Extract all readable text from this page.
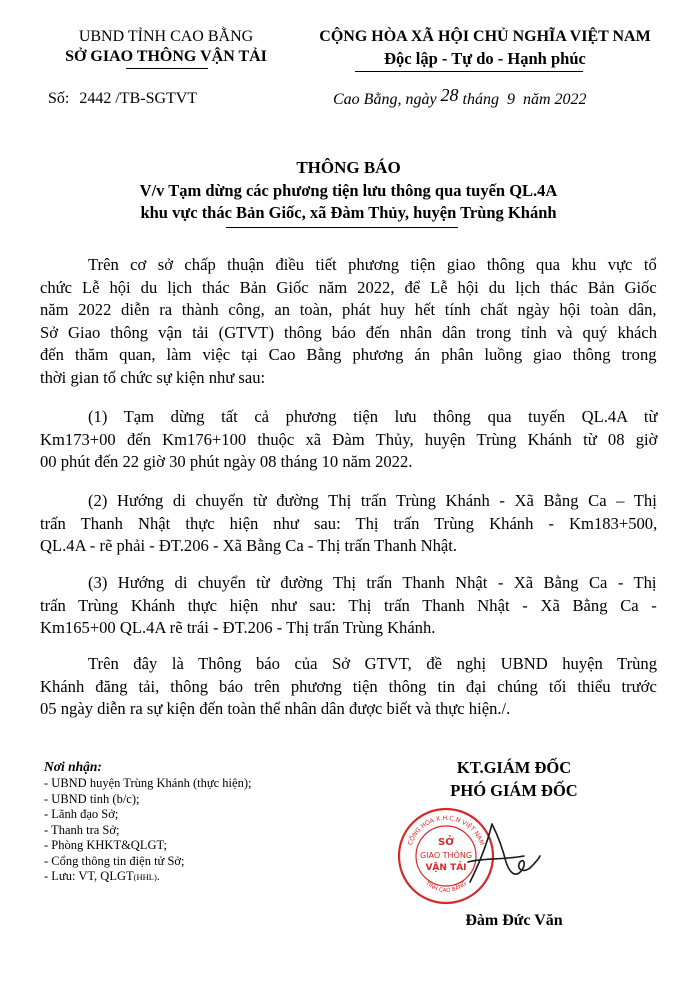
UBND TỈNH CAO BẰNG
SỞ GIAO THÔNG VẬN TẢI
CỘNG HÒA XÃ HỘI CHỦ NGHĨA VIỆT NAM
Độc lập - Tự do - Hạnh phúc
Số: 2442 /TB-SGTVT	Cao Bằng, ngày 28 tháng 9 năm 2022
THÔNG BÁO
V/v Tạm dừng các phương tiện lưu thông qua tuyến QL.4A
khu vực thác Bản Giốc, xã Đàm Thủy, huyện Trùng Khánh
Trên cơ sở chấp thuận điều tiết phương tiện giao thông qua khu vực tổ
chức Lễ hội du lịch thác Bản Giốc năm 2022, để Lễ hội du lịch thác Bản Giốc
năm 2022 diễn ra thành công, an toàn, phát huy hết tính chất ngày hội toàn dân,
Sở Giao thông vận tải (GTVT) thông báo đến nhân dân trong tỉnh và quý khách
đến thăm quan, làm việc tại Cao Bằng phương án phân luồng giao thông trong
thời gian tổ chức sự kiện như sau:
(1) Tạm dừng tất cả phương tiện lưu thông qua tuyến QL.4A từ
Km173+00 đến Km176+100 thuộc xã Đàm Thủy, huyện Trùng Khánh từ 08 giờ
00 phút đến 22 giờ 30 phút ngày 08 tháng 10 năm 2022.
(2) Hướng di chuyển từ đường Thị trấn Trùng Khánh - Xã Bằng Ca – Thị
trấn Thanh Nhật thực hiện như sau: Thị trấn Trùng Khánh - Km183+500,
QL.4A - rẽ phải - ĐT.206 - Xã Bằng Ca - Thị trấn Thanh Nhật.
(3) Hướng di chuyển từ đường Thị trấn Thanh Nhật - Xã Bằng Ca - Thị
trấn Trùng Khánh thực hiện như sau: Thị trấn Thanh Nhật - Xã Bằng Ca -
Km165+00 QL.4A rẽ trái - ĐT.206 - Thị trấn Trùng Khánh.
Trên đây là Thông báo của Sở GTVT, đề nghị UBND huyện Trùng
Khánh đăng tải, thông báo trên phương tiện thông tin đại chúng tối thiểu trước
05 ngày diễn ra sự kiện đến toàn thể nhân dân được biết và thực hiện./.
Nơi nhận:
- UBND huyện Trùng Khánh (thực hiện);
- UBND tỉnh (b/c);
- Lãnh đạo Sở;
- Thanh tra Sở;
- Phòng KHKT&QLGT;
- Cổng thông tin điện tử Sở;
- Lưu: VT, QLGT(HHL).
KT.GIÁM ĐỐC
PHÓ GIÁM ĐỐC
CỘNG HÒA X.H.C.N VIỆT NAM
TỈNH CAO BẰNG
SỞ
GIAO THÔNG
VẬN TẢI
Đàm Đức Văn
